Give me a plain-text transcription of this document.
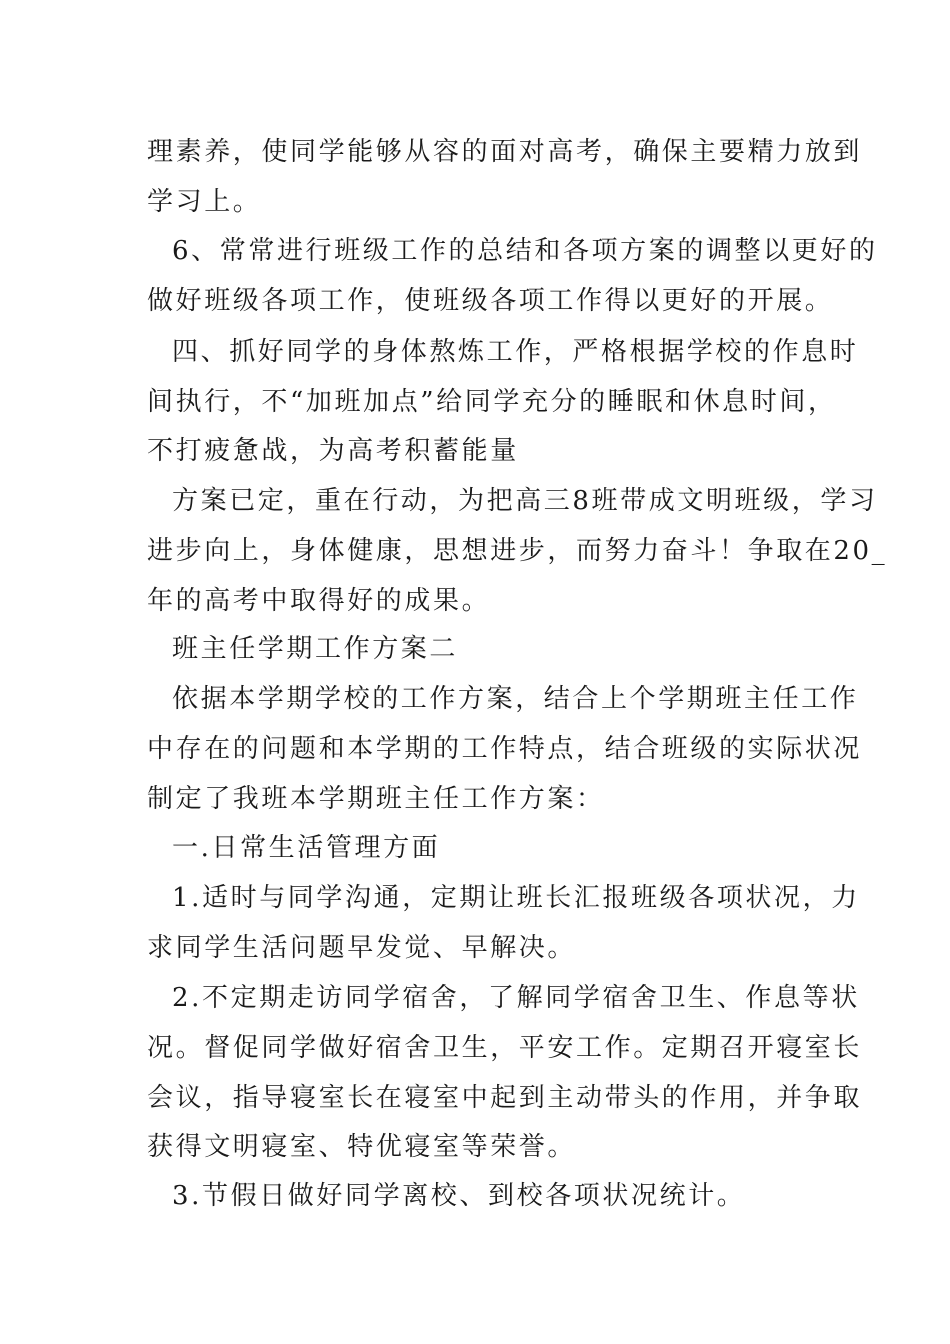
理素养，使同学能够从容的面对高考，确保主要精力放到
学习上。
6、常常进行班级工作的总结和各项方案的调整以更好的
做好班级各项工作，使班级各项工作得以更好的开展。
四、抓好同学的身体熬炼工作，严格根据学校的作息时
间执行，不“加班加点”给同学充分的睡眠和休息时间，
不打疲惫战，为高考积蓄能量
方案已定，重在行动，为把高三8班带成文明班级，学习
进步向上，身体健康，思想进步，而努力奋斗！争取在20_
年的高考中取得好的成果。
班主任学期工作方案二
依据本学期学校的工作方案，结合上个学期班主任工作
中存在的问题和本学期的工作特点，结合班级的实际状况
制定了我班本学期班主任工作方案：
一.日常生活管理方面
1.适时与同学沟通，定期让班长汇报班级各项状况，力
求同学生活问题早发觉、早解决。
2.不定期走访同学宿舍，了解同学宿舍卫生、作息等状
况。督促同学做好宿舍卫生，平安工作。定期召开寝室长
会议，指导寝室长在寝室中起到主动带头的作用，并争取
获得文明寝室、特优寝室等荣誉。
3.节假日做好同学离校、到校各项状况统计。
